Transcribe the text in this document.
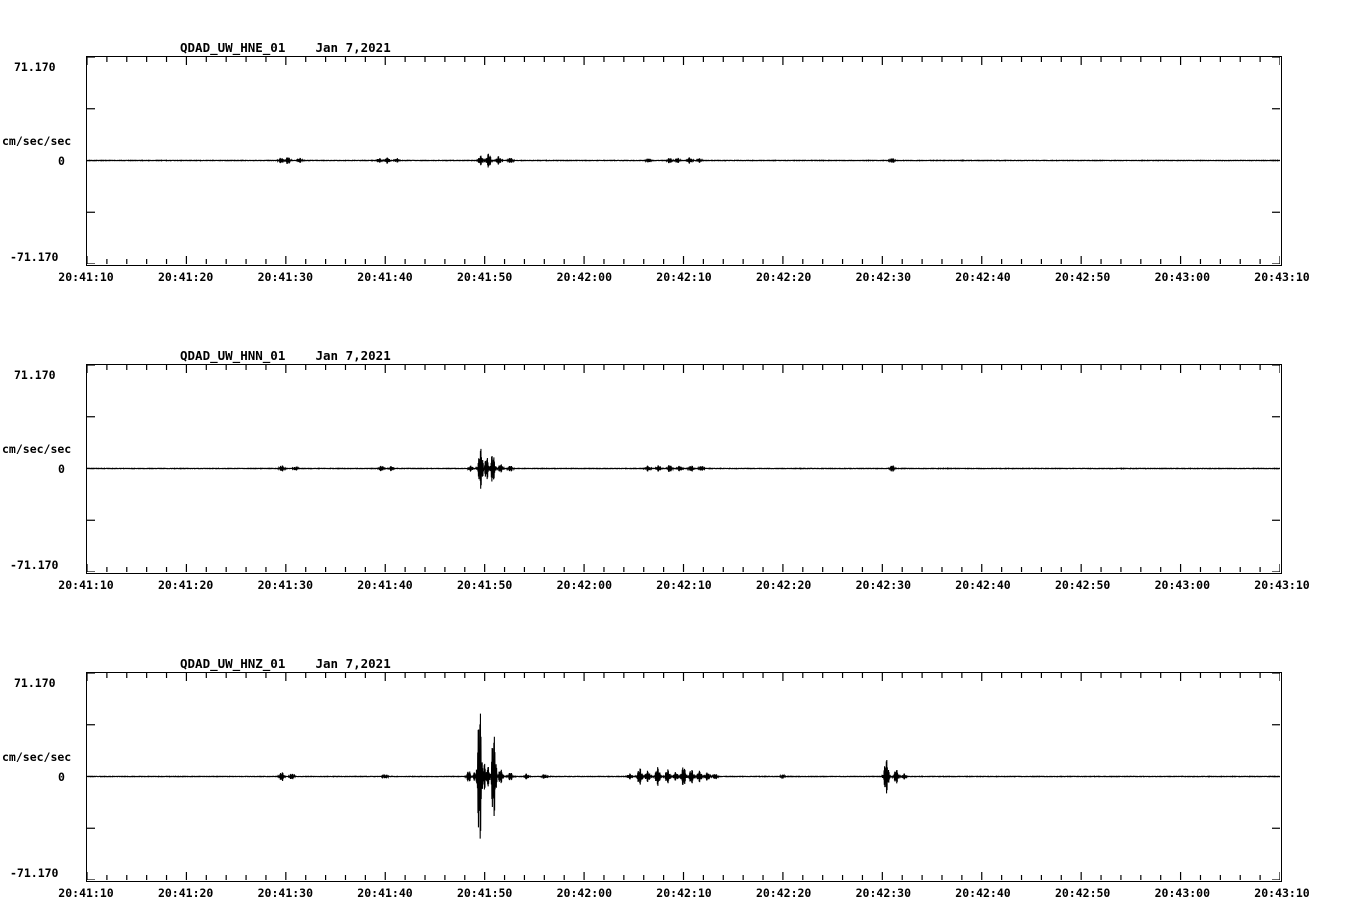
QDAD_UW_HNE_01    Jan 7,2021
71.170
cm/sec/sec
0
-71.170
20:41:10	20:41:20	20:41:30	20:41:40	20:41:50	20:42:00	20:42:10	20:42:20	20:42:30	20:42:40	20:42:50	20:43:00	20:43:10
QDAD_UW_HNN_01    Jan 7,2021
71.170
cm/sec/sec
0
-71.170
20:41:10	20:41:20	20:41:30	20:41:40	20:41:50	20:42:00	20:42:10	20:42:20	20:42:30	20:42:40	20:42:50	20:43:00	20:43:10
QDAD_UW_HNZ_01    Jan 7,2021
71.170
cm/sec/sec
0
-71.170
20:41:10	20:41:20	20:41:30	20:41:40	20:41:50	20:42:00	20:42:10	20:42:20	20:42:30	20:42:40	20:42:50	20:43:00	20:43:10
